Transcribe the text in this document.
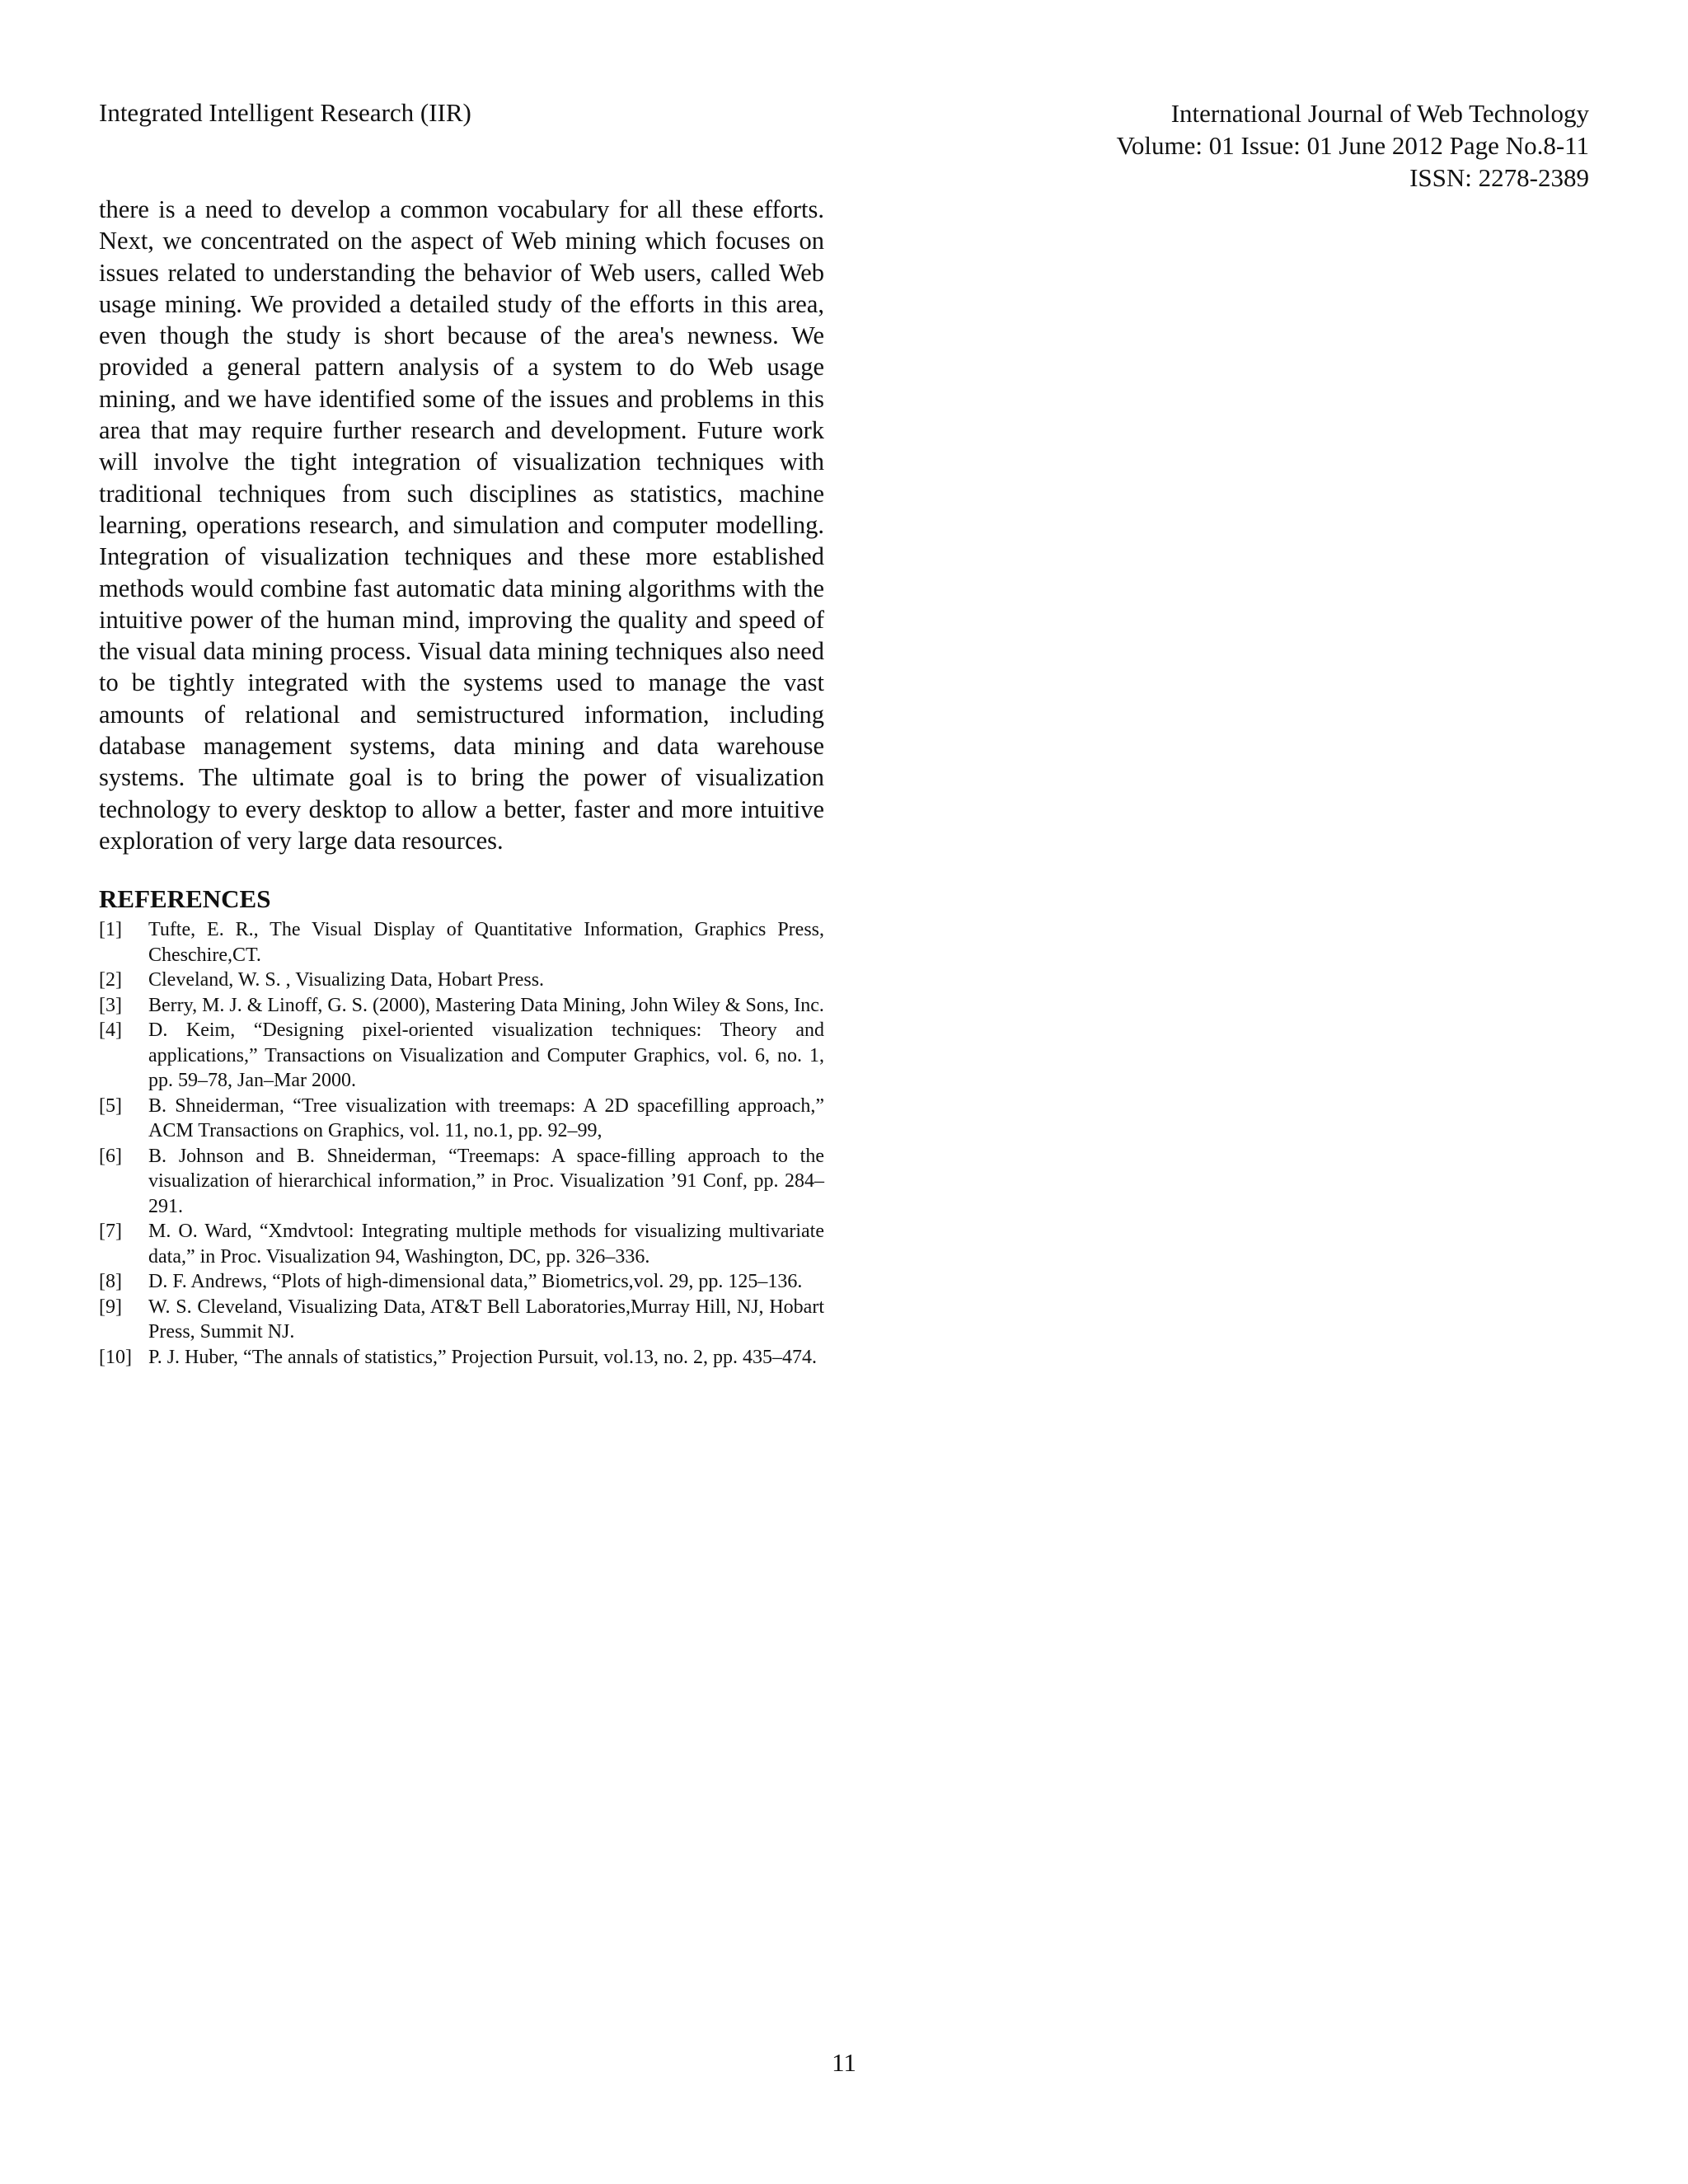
Integrated Intelligent Research (IIR)	International Journal of Web Technology
Volume: 01 Issue: 01 June 2012 Page No.8-11
ISSN: 2278-2389

there is a need to develop a common vocabulary for all these efforts. Next, we concentrated on the aspect of Web mining which focuses on issues related to understanding the behavior of Web users, called Web usage mining. We provided a detailed study of the efforts in this area, even though the study is short because of the area's newness. We provided a general pattern analysis of a system to do Web usage mining, and we have identified some of the issues and problems in this area that may require further research and development. Future work will involve the tight integration of visualization techniques with traditional techniques from such disciplines as statistics, machine learning, operations research, and simulation and computer modelling. Integration of visualization techniques and these more established methods would combine fast automatic data mining algorithms with the intuitive power of the human mind, improving the quality and speed of the visual data mining process. Visual data mining techniques also need to be tightly integrated with the systems used to manage the vast amounts of relational and semistructured information, including database management systems, data mining and data warehouse systems. The ultimate goal is to bring the power of visualization technology to every desktop to allow a better, faster and more intuitive exploration of very large data resources.

REFERENCES
[1]	Tufte, E. R., The Visual Display of Quantitative Information, Graphics Press, Cheschire,CT.
[2]	Cleveland, W. S. , Visualizing Data, Hobart Press.
[3]	Berry, M. J. & Linoff, G. S. (2000), Mastering Data Mining, John Wiley & Sons, Inc.
[4]	D. Keim, “Designing pixel-oriented visualization techniques: Theory and applications,” Transactions on Visualization and Computer Graphics, vol. 6, no. 1, pp. 59–78, Jan–Mar 2000.
[5]	B. Shneiderman, “Tree visualization with treemaps: A 2D spacefilling approach,” ACM Transactions on Graphics, vol. 11, no.1, pp. 92–99,
[6]	B. Johnson and B. Shneiderman, “Treemaps: A space-filling approach to the visualization of hierarchical information,” in Proc. Visualization ’91 Conf, pp. 284–291.
[7]	M. O. Ward, “Xmdvtool: Integrating multiple methods for visualizing multivariate data,” in Proc. Visualization 94, Washington, DC, pp. 326–336.
[8]	D. F. Andrews, “Plots of high-dimensional data,” Biometrics,vol. 29, pp. 125–136.
[9]	W. S. Cleveland, Visualizing Data, AT&T Bell Laboratories,Murray Hill, NJ, Hobart Press, Summit NJ.
[10] P. J. Huber, “The annals of statistics,” Projection Pursuit, vol.13, no. 2, pp. 435–474.
11
